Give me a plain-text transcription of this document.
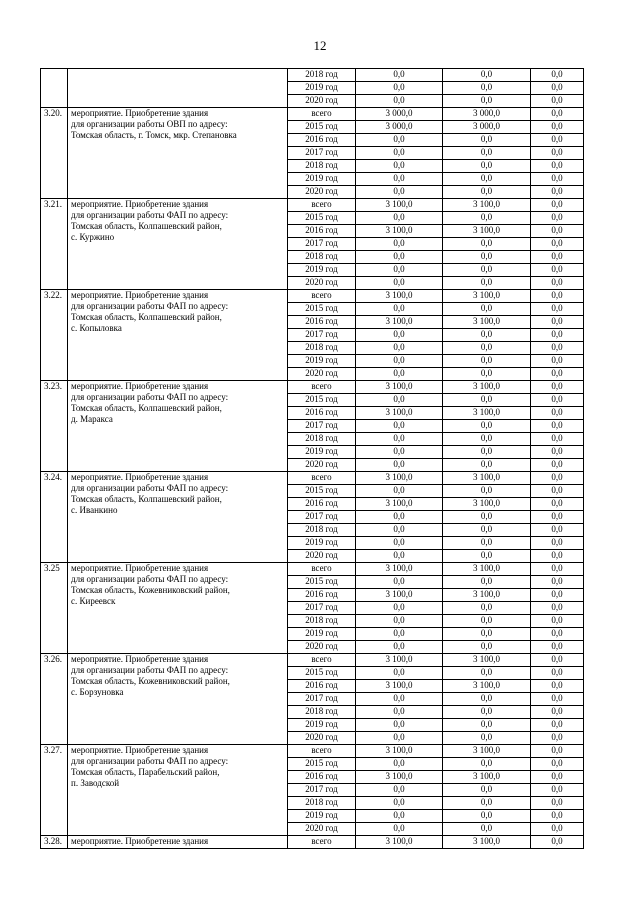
12
		2018 год	0,0	0,0	0,0
		2019 год	0,0	0,0	0,0
		2020 год	0,0	0,0	0,0
3.20.	мероприятие. Приобретение здания
для организации работы ОВП по адресу:
Томская область, г. Томск, мкр. Степановка	всего	3 000,0	3 000,0	0,0
		2015 год	3 000,0	3 000,0	0,0
		2016 год	0,0	0,0	0,0
		2017 год	0,0	0,0	0,0
		2018 год	0,0	0,0	0,0
		2019 год	0,0	0,0	0,0
		2020 год	0,0	0,0	0,0
3.21.	мероприятие. Приобретение здания
для организации работы ФАП по адресу:
Томская область, Колпашевский район,
с. Куржино	всего	3 100,0	3 100,0	0,0
		2015 год	0,0	0,0	0,0
		2016 год	3 100,0	3 100,0	0,0
		2017 год	0,0	0,0	0,0
		2018 год	0,0	0,0	0,0
		2019 год	0,0	0,0	0,0
		2020 год	0,0	0,0	0,0
3.22.	мероприятие. Приобретение здания
для организации работы ФАП по адресу:
Томская область, Колпашевский район,
с. Копыловка	всего	3 100,0	3 100,0	0,0
		2015 год	0,0	0,0	0,0
		2016 год	3 100,0	3 100,0	0,0
		2017 год	0,0	0,0	0,0
		2018 год	0,0	0,0	0,0
		2019 год	0,0	0,0	0,0
		2020 год	0,0	0,0	0,0
3.23.	мероприятие. Приобретение здания
для организации работы ФАП по адресу:
Томская область, Колпашевский район,
д. Маракса	всего	3 100,0	3 100,0	0,0
		2015 год	0,0	0,0	0,0
		2016 год	3 100,0	3 100,0	0,0
		2017 год	0,0	0,0	0,0
		2018 год	0,0	0,0	0,0
		2019 год	0,0	0,0	0,0
		2020 год	0,0	0,0	0,0
3.24.	мероприятие. Приобретение здания
для организации работы ФАП по адресу:
Томская область, Колпашевский район,
с. Иванкино	всего	3 100,0	3 100,0	0,0
		2015 год	0,0	0,0	0,0
		2016 год	3 100,0	3 100,0	0,0
		2017 год	0,0	0,0	0,0
		2018 год	0,0	0,0	0,0
		2019 год	0,0	0,0	0,0
		2020 год	0,0	0,0	0,0
3.25	мероприятие. Приобретение здания
для организации работы ФАП по адресу:
Томская область, Кожевниковский район,
с. Киреевск	всего	3 100,0	3 100,0	0,0
		2015 год	0,0	0,0	0,0
		2016 год	3 100,0	3 100,0	0,0
		2017 год	0,0	0,0	0,0
		2018 год	0,0	0,0	0,0
		2019 год	0,0	0,0	0,0
		2020 год	0,0	0,0	0,0
3.26.	мероприятие. Приобретение здания
для организации работы ФАП по адресу:
Томская область, Кожевниковский район,
с. Борзуновка	всего	3 100,0	3 100,0	0,0
		2015 год	0,0	0,0	0,0
		2016 год	3 100,0	3 100,0	0,0
		2017 год	0,0	0,0	0,0
		2018 год	0,0	0,0	0,0
		2019 год	0,0	0,0	0,0
		2020 год	0,0	0,0	0,0
3.27.	мероприятие. Приобретение здания
для организации работы ФАП по адресу:
Томская область, Парабельский район,
п. Заводской	всего	3 100,0	3 100,0	0,0
		2015 год	0,0	0,0	0,0
		2016 год	3 100,0	3 100,0	0,0
		2017 год	0,0	0,0	0,0
		2018 год	0,0	0,0	0,0
		2019 год	0,0	0,0	0,0
		2020 год	0,0	0,0	0,0
3.28.	мероприятие. Приобретение здания	всего	3 100,0	3 100,0	0,0
